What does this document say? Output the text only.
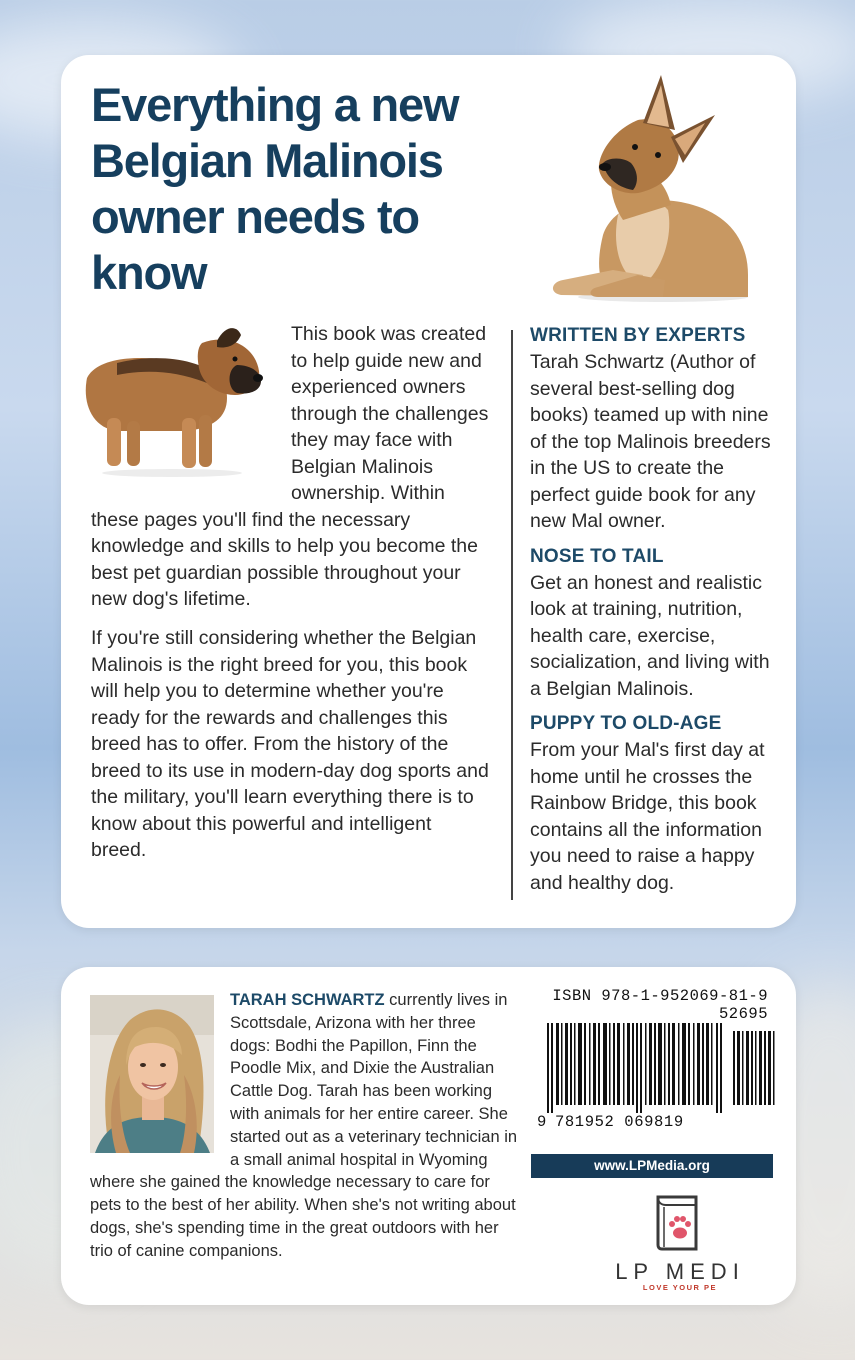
Everything a new Belgian Malinois owner needs to know

This book was created to help guide new and experienced owners through the challenges they may face with Belgian Malinois ownership. Within these pages you'll find the necessary knowledge and skills to help you become the best pet guardian possible throughout your new dog's lifetime.

If you're still considering whether the Belgian Malinois is the right breed for you, this book will help you to determine whether you're ready for the rewards and challenges this breed has to offer. From the history of the breed to its use in modern-day dog sports and the military, you'll learn everything there is to know about this powerful and intelligent breed.

WRITTEN BY EXPERTS

Tarah Schwartz (Author of several best-selling dog books) teamed up with nine of the top Malinois breeders in the US to create the perfect guide book for any new Mal owner.

NOSE TO TAIL

Get an honest and realistic look at training, nutrition, health care, exercise, socialization, and living with a Belgian Malinois.

PUPPY TO OLD-AGE

From your Mal's first day at home until he crosses the Rainbow Bridge, this book contains all the information you need to raise a happy and healthy dog.

TARAH SCHWARTZ currently lives in Scottsdale, Arizona with her three dogs: Bodhi the Papillon, Finn the Poodle Mix, and Dixie the Australian Cattle Dog. Tarah has been working with animals for her entire career. She started out as a veterinary technician in a small animal hospital in Wyoming where she gained the knowledge necessary to care for pets to the best of her ability. When she's not writing about dogs, she's spending time in the great outdoors with her trio of canine companions.

ISBN 978-1-952069-81-9
52695
9 781952 069819
www.LPMedia.org
LP MEDI
LOVE YOUR PE
